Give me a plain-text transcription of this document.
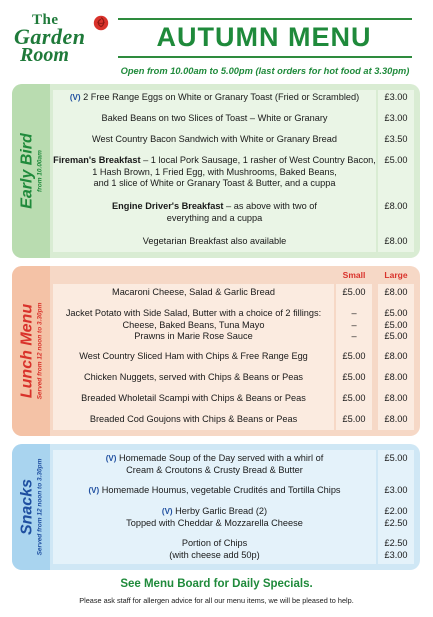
The
Garden
Room
AUTUMN MENU
Open from 10.00am to 5.00pm (last orders for hot food at 3.30pm)
Early Bird from 10.00am
(V) 2 Free Range Eggs on White or Granary Toast (Fried or Scrambled)
Baked Beans on two Slices of Toast – White or Granary
West Country Bacon Sandwich with White or Granary Bread
Fireman's Breakfast – 1 local Pork Sausage, 1 rasher of West Country Bacon,
1 Hash Brown, 1 Fried Egg, with Mushrooms, Baked Beans,
and 1 slice of White or Granary Toast & Butter, and a cuppa
Engine Driver's Breakfast – as above with two of
everything and a cuppa
Vegetarian Breakfast also available
£3.00
£3.00
£3.50
£5.00
£8.00
£8.00
Lunch Menu Served from 12 noon to 3.30pm
Small	Large
Macaroni Cheese, Salad & Garlic Bread
Jacket Potato with Side Salad, Butter with a choice of 2 fillings:
Cheese, Baked Beans, Tuna Mayo
Prawns in Marie Rose Sauce
West Country Sliced Ham with Chips & Free Range Egg
Chicken Nuggets, served with Chips & Beans or Peas
Breaded Wholetail Scampi with Chips & Beans or Peas
Breaded Cod Goujons with Chips & Beans or Peas
£5.00
–
–
–
£5.00
£5.00
£5.00
£5.00
£8.00
£5.00
£5.00
£5.00
£8.00
£8.00
£8.00
£8.00
Snacks Served from 12 noon to 3.30pm
(V) Homemade Soup of the Day served with a whirl of
Cream & Croutons & Crusty Bread & Butter
(V) Homemade Houmus, vegetable Crudités and Tortilla Chips
(V) Herby Garlic Bread (2)
Topped with Cheddar & Mozzarella Cheese
Portion of Chips
(with cheese add 50p)
£5.00
£3.00
£2.00
£2.50
£2.50
£3.00
See Menu Board for Daily Specials.
Please ask staff for allergen advice for all our menu items, we will be pleased to help.
